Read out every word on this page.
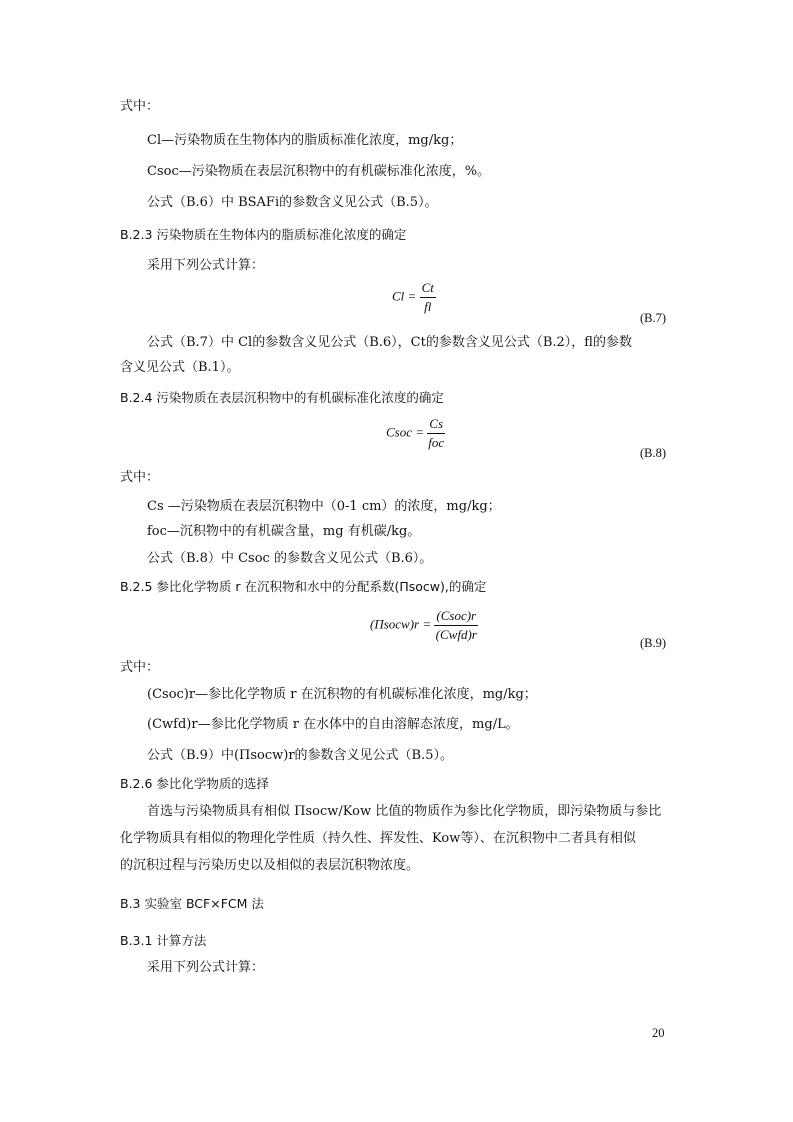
式中：
Cl—污染物质在生物体内的脂质标准化浓度，mg/kg；
Csoc—污染物质在表层沉积物中的有机碳标准化浓度，%。
公式（B.6）中 BSAFi的参数含义见公式（B.5）。
B.2.3 污染物质在生物体内的脂质标准化浓度的确定
采用下列公式计算：
$Cl = \frac{Ct}{fl}$
(B.7)
公式（B.7）中 Cl的参数含义见公式（B.6），Ct的参数含义见公式（B.2），fl的参数
含义见公式（B.1）。
B.2.4 污染物质在表层沉积物中的有机碳标准化浓度的确定
Csoc = $\frac{Cs}{\text{foc}}$
(B.8)
式中：
Cs —污染物质在表层沉积物中（0-1 cm）的浓度，mg/kg；
foc—沉积物中的有机碳含量，mg 有机碳/kg。
公式（B.8）中 Csoc 的参数含义见公式（B.6）。
B.2.5 参比化学物质 r 在沉积物和水中的分配系数(Πsocw),的确定
(Πsocw)r = $\frac{\text{(Csoc)r}}{\text{(Cwfd)r}}$	(B.9)
式中：
(Csoc)r—参比化学物质 r 在沉积物的有机碳标准化浓度，mg/kg；
(Cwfd)r—参比化学物质 r 在水体中的自由溶解态浓度，mg/L。
公式（B.9）中(Πsocw)r的参数含义见公式（B.5）。
B.2.6 参比化学物质的选择
首选与污染物质具有相似 Πsocw/Kow 比值的物质作为参比化学物质，即污染物质与参比
化学物质具有相似的物理化学性质（持久性、挥发性、Kow等）、在沉积物中二者具有相似
的沉积过程与污染历史以及相似的表层沉积物浓度。
B.3 实验室 BCF×FCM 法
B.3.1 计算方法
采用下列公式计算：
20
